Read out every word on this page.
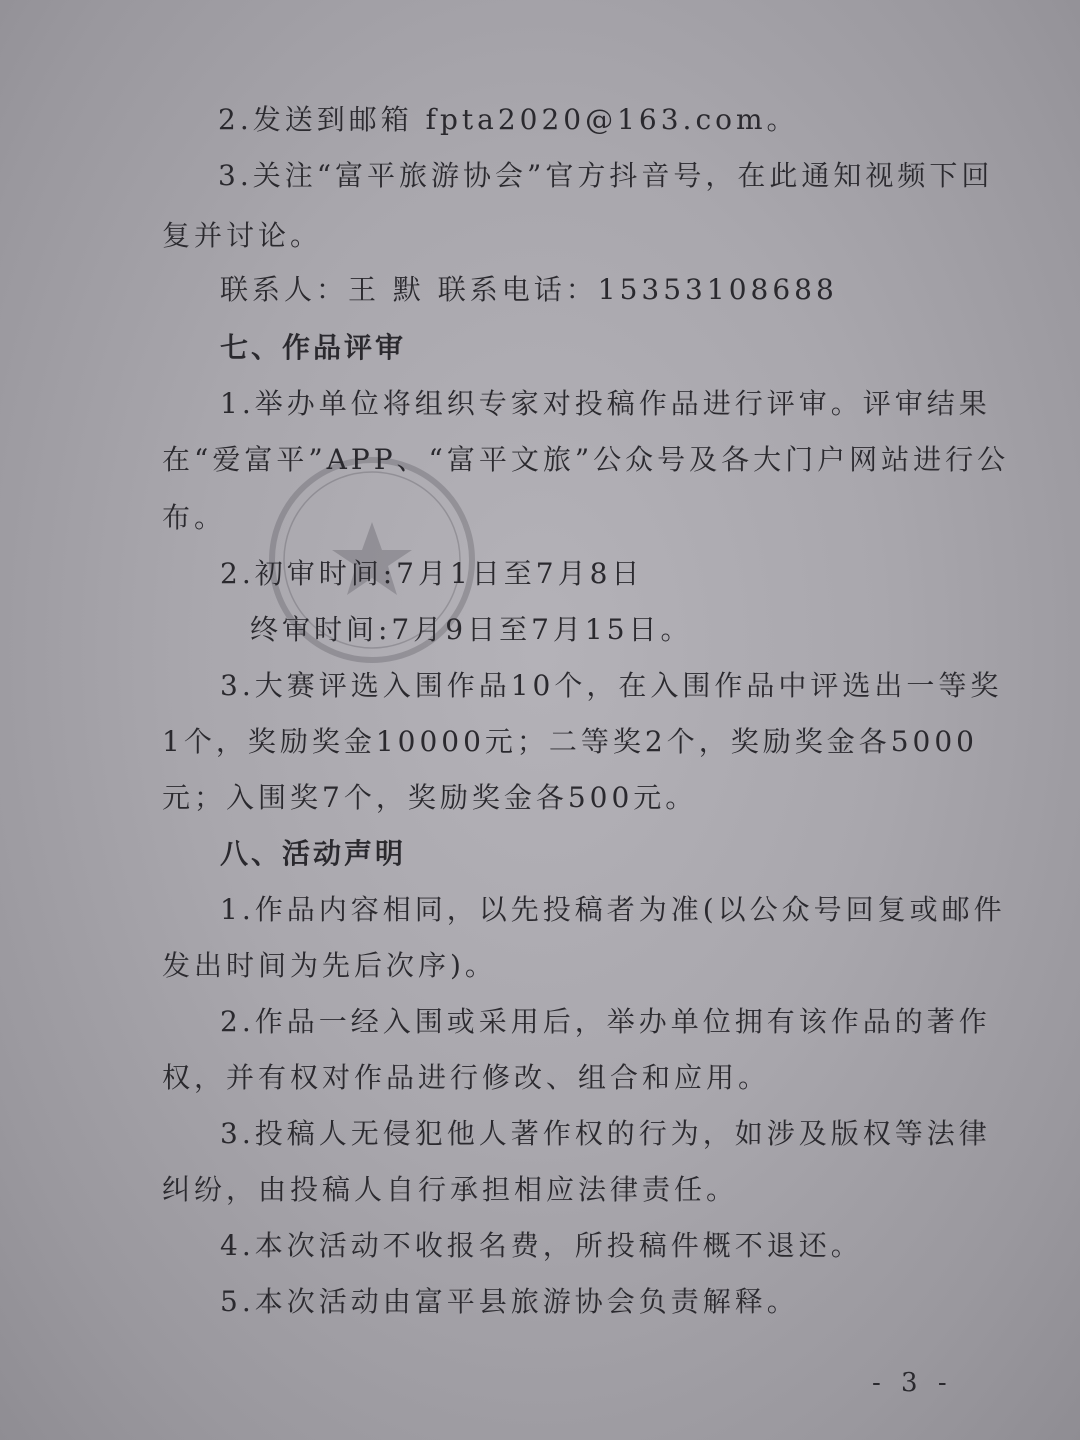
2.发送到邮箱 fpta2020@163.com。

3.关注“富平旅游协会”官方抖音号，在此通知视频下回

复并讨论。

联系人：王 默 联系电话：15353108688

七、作品评审

1.举办单位将组织专家对投稿作品进行评审。评审结果

在“爱富平”APP、“富平文旅”公众号及各大门户网站进行公

布。

2.初审时间:7月1日至7月8日

终审时间:7月9日至7月15日。

3.大赛评选入围作品10个，在入围作品中评选出一等奖

1个，奖励奖金10000元；二等奖2个，奖励奖金各5000

元；入围奖7个，奖励奖金各500元。

八、活动声明

1.作品内容相同，以先投稿者为准(以公众号回复或邮件

发出时间为先后次序)。

2.作品一经入围或采用后，举办单位拥有该作品的著作

权，并有权对作品进行修改、组合和应用。

3.投稿人无侵犯他人著作权的行为，如涉及版权等法律

纠纷，由投稿人自行承担相应法律责任。

4.本次活动不收报名费，所投稿件概不退还。

5.本次活动由富平县旅游协会负责解释。

- 3 -
